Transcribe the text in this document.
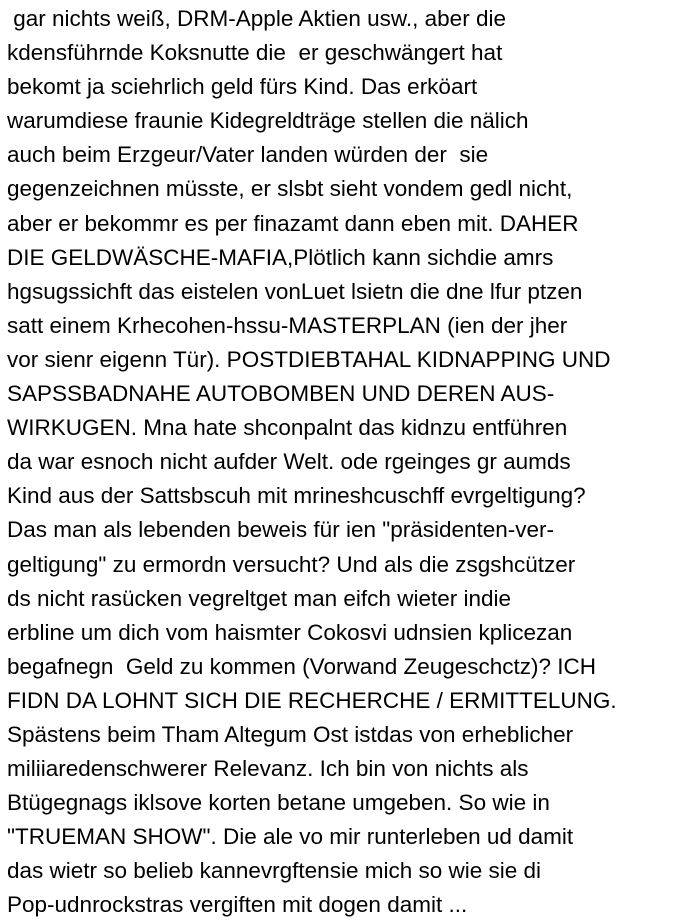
gar nichts weiß, DRM-Apple Aktien usw., aber die
kdensführnde Koksnutte die  er geschwängert hat
bekomt ja sciehrlich geld fürs Kind. Das erköart
warumdiese fraunie Kidegreldträge stellen die nälich
auch beim Erzgeur/Vater landen würden der  sie
gegenzeichnen müsste, er slsbt sieht vondem gedl nicht,
aber er bekommr es per finazamt dann eben mit. DAHER
DIE GELDWÄSCHE-MAFIA,Plötlich kann sichdie amrs
hgsugssichft das eistelen vonLuet lsietn die dne lfur ptzen
satt einem Krhecohen-hssu-MASTERPLAN (ien der jher
vor sienr eigenn Tür). POSTDIEBTAHAL KIDNAPPING UND
SAPSSBADNAHE AUTOBOMBEN UND DEREN AUS-
WIRKUGEN. Mna hate shconpalnt das kidnzu entführen
da war esnoch nicht aufder Welt. ode rgeinges gr aumds
Kind aus der Sattsbscuh mit mrineshcuschff evrgeltigung?
Das man als lebenden beweis für ien "präsidenten-ver-
geltigung" zu ermordn versucht? Und als die zsgshcützer
ds nicht rasücken vegreltget man eifch wieter indie
erbline um dich vom haismter Cokosvi udnsien kplicezan
begafnegn  Geld zu kommen (Vorwand Zeugeschctz)? ICH
FIDN DA LOHNT SICH DIE RECHERCHE / ERMITTELUNG.
Spästens beim Tham Altegum Ost istdas von erheblicher
miliiaredenschwerer Relevanz. Ich bin von nichts als
Btügegnags iklsove korten betane umgeben. So wie in
"TRUEMAN SHOW". Die ale vo mir runterleben ud damit
das wietr so belieb kannevrgftensie mich so wie sie di
Pop-udnrockstras vergiften mit dogen damit ...
